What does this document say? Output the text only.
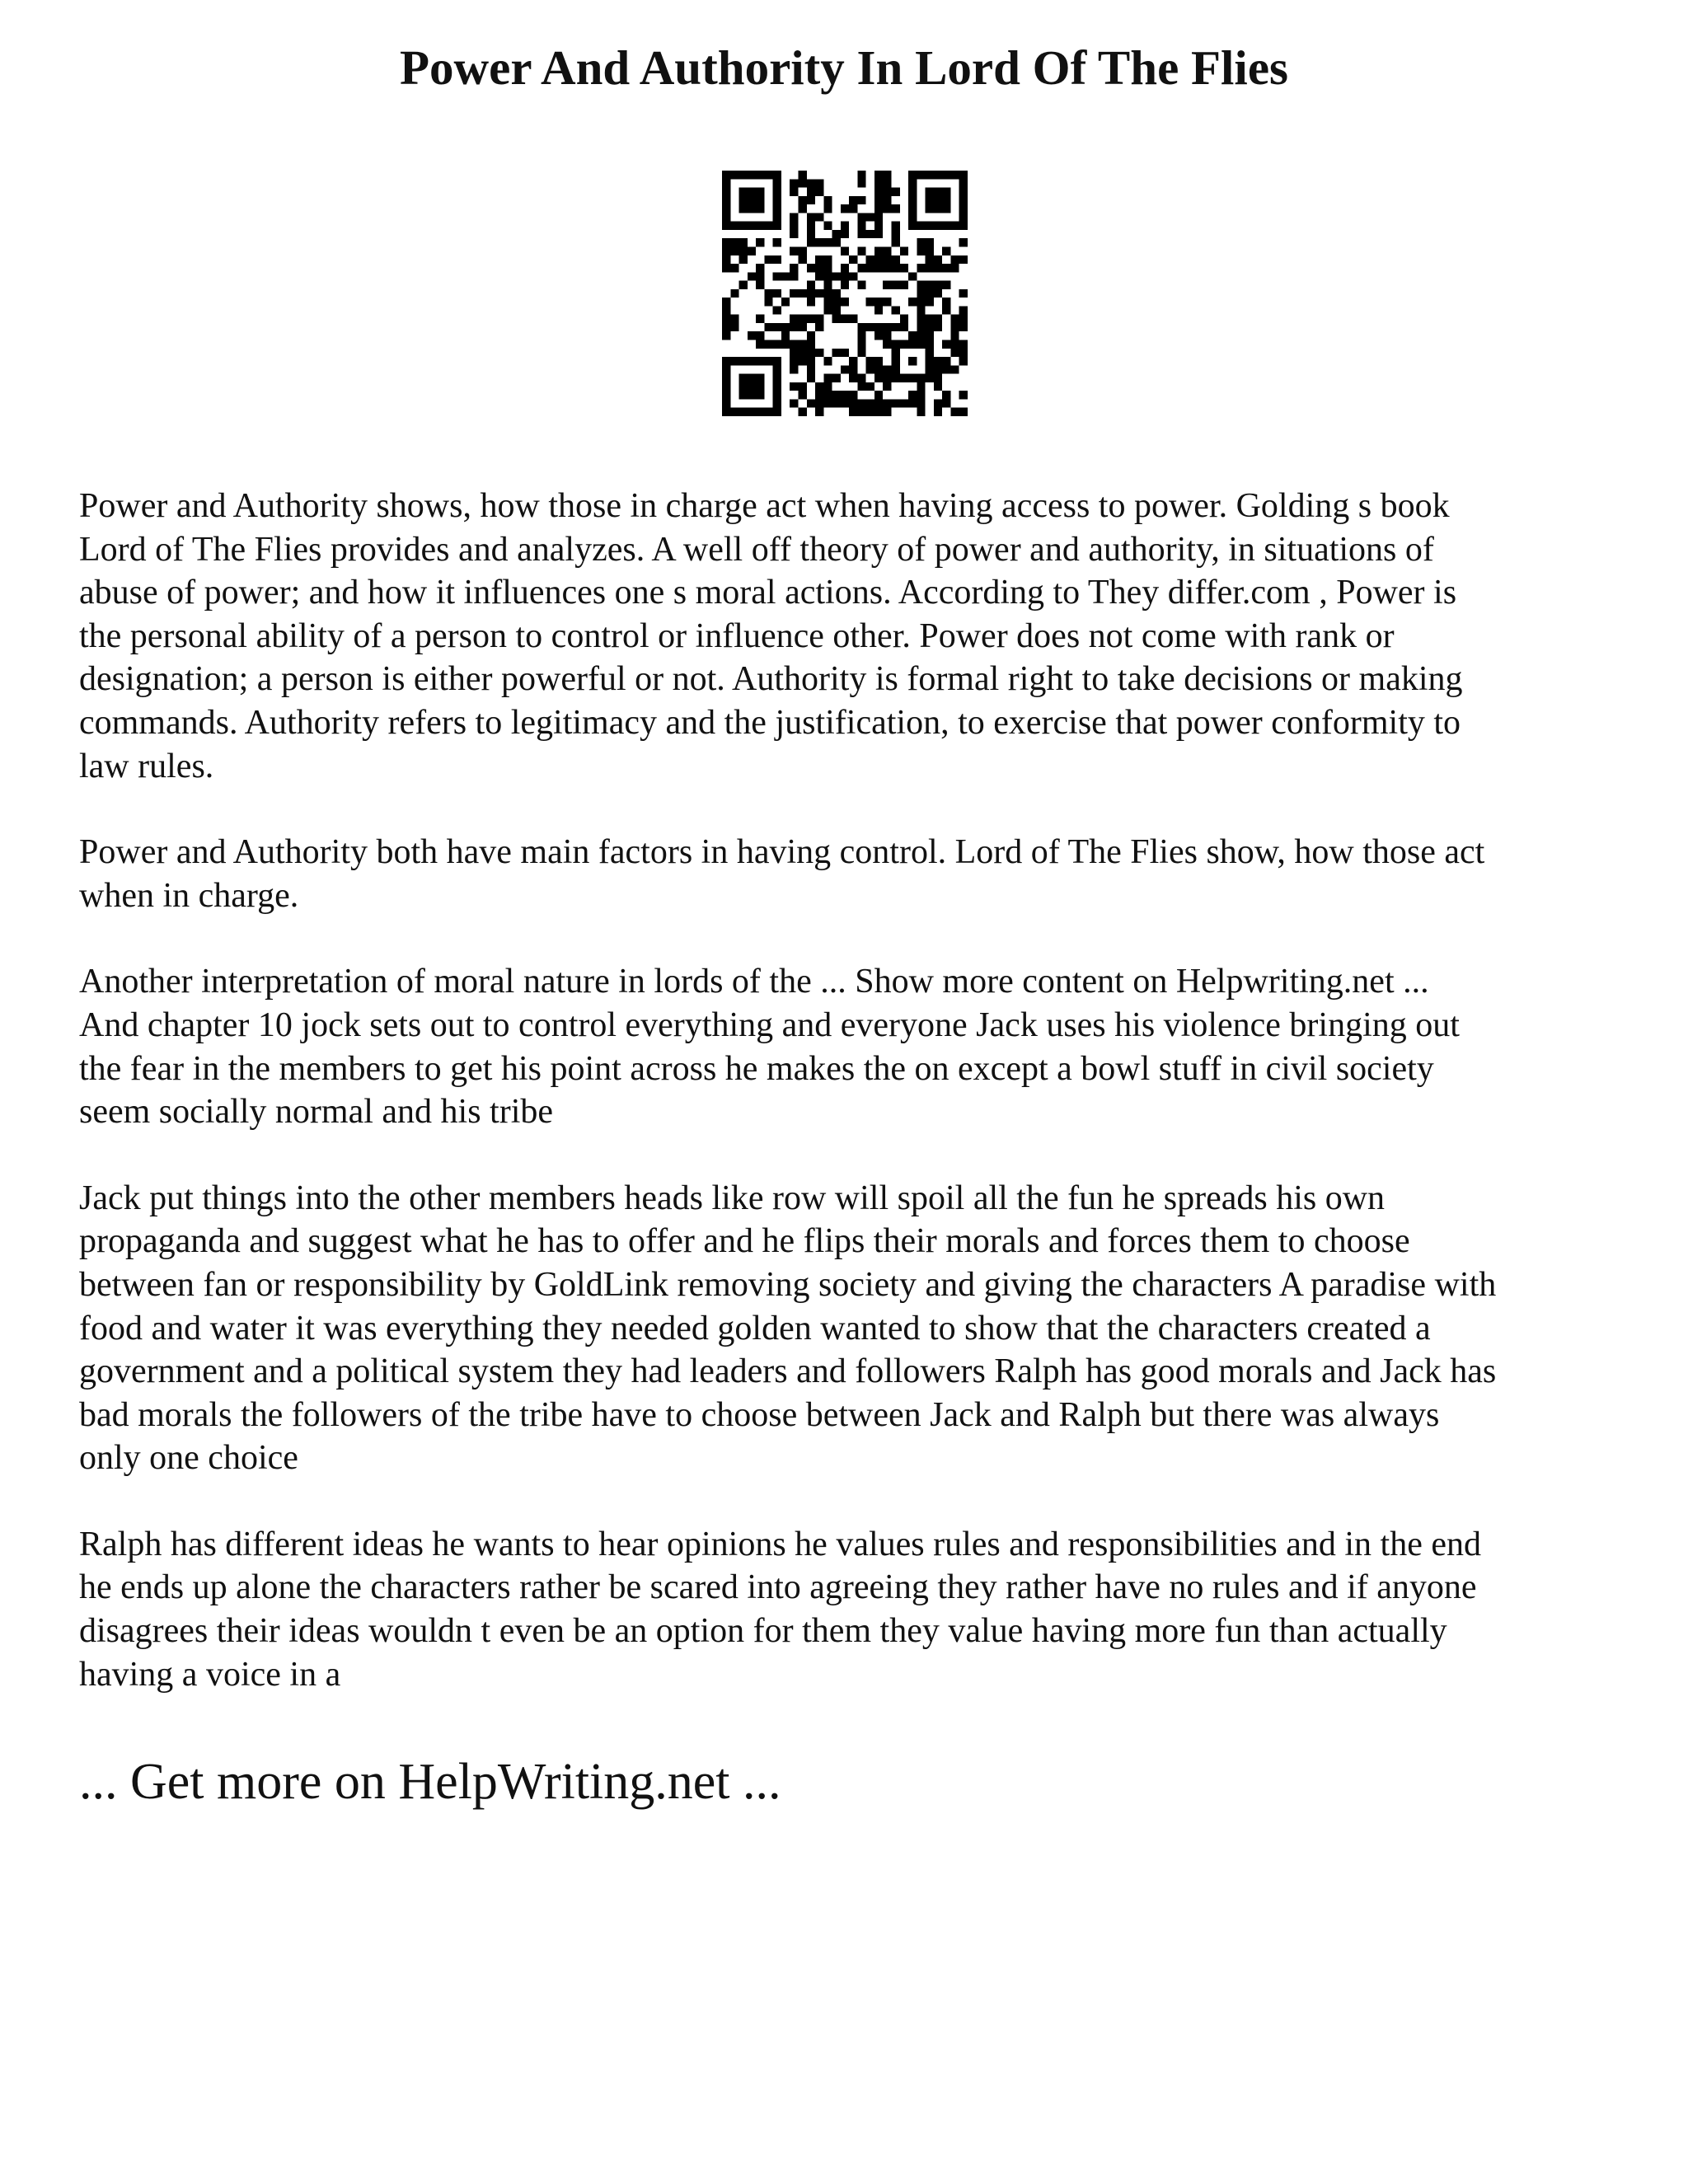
Power And Authority In Lord Of The Flies

Power and Authority shows, how those in charge act when having access to power. Golding s book
Lord of The Flies provides and analyzes. A well off theory of power and authority, in situations of
abuse of power; and how it influences one s moral actions. According to They differ.com , Power is
the personal ability of a person to control or influence other. Power does not come with rank or
designation; a person is either powerful or not. Authority is formal right to take decisions or making
commands. Authority refers to legitimacy and the justification, to exercise that power conformity to
law rules.

Power and Authority both have main factors in having control. Lord of The Flies show, how those act
when in charge.

Another interpretation of moral nature in lords of the ... Show more content on Helpwriting.net ...
And chapter 10 jock sets out to control everything and everyone Jack uses his violence bringing out
the fear in the members to get his point across he makes the on except a bowl stuff in civil society
seem socially normal and his tribe

Jack put things into the other members heads like row will spoil all the fun he spreads his own
propaganda and suggest what he has to offer and he flips their morals and forces them to choose
between fan or responsibility by GoldLink removing society and giving the characters A paradise with
food and water it was everything they needed golden wanted to show that the characters created a
government and a political system they had leaders and followers Ralph has good morals and Jack has
bad morals the followers of the tribe have to choose between Jack and Ralph but there was always
only one choice

Ralph has different ideas he wants to hear opinions he values rules and responsibilities and in the end
he ends up alone the characters rather be scared into agreeing they rather have no rules and if anyone
disagrees their ideas wouldn t even be an option for them they value having more fun than actually
having a voice in a

... Get more on HelpWriting.net ...
